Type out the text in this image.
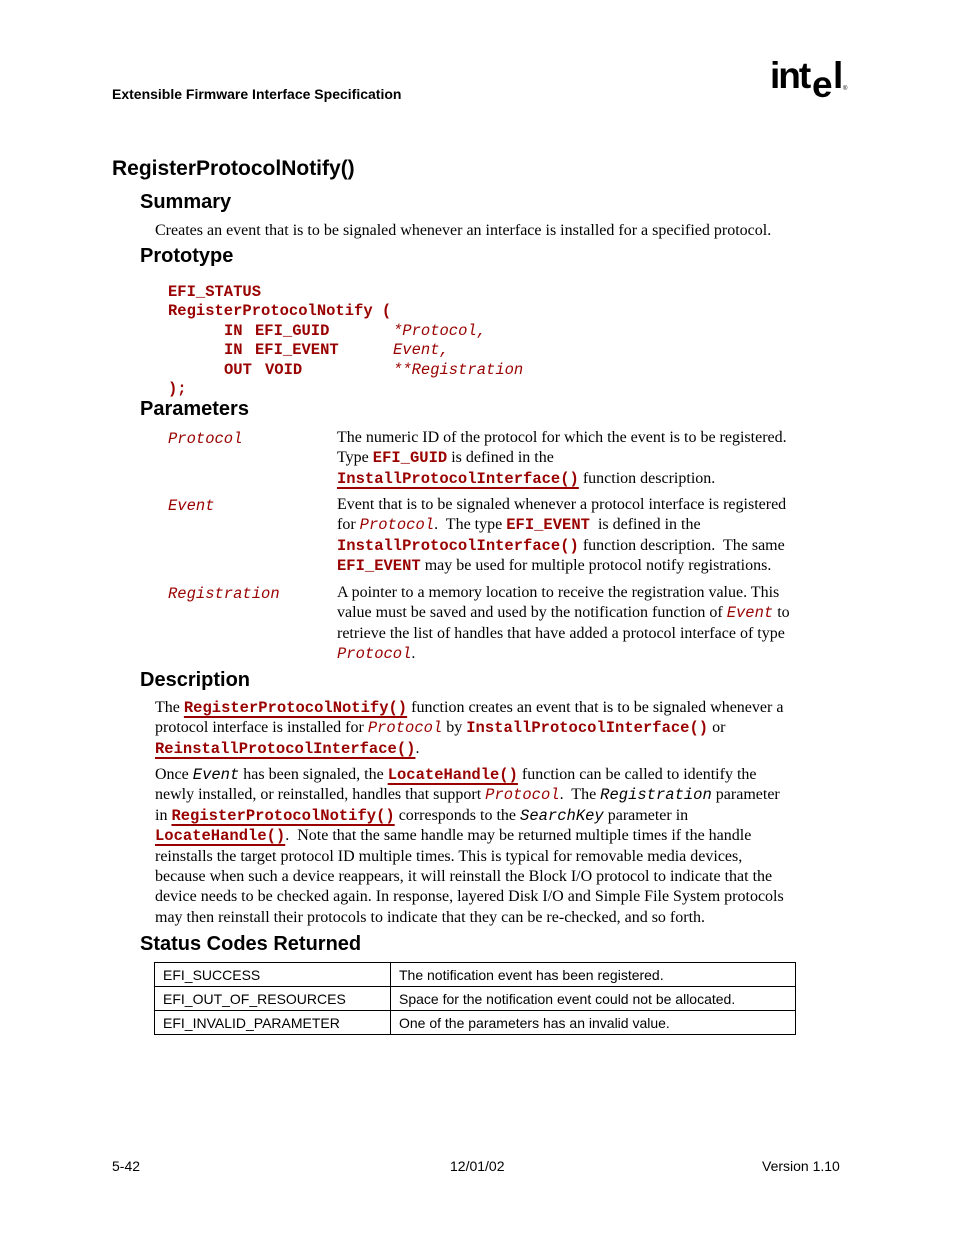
Extensible Firmware Interface Specification	int e l ®
RegisterProtocolNotify()
Summary
Creates an event that is to be signaled whenever an interface is installed for a specified protocol.
Prototype
EFI_STATUS
RegisterProtocolNotify (
IN EFI_GUID	*Protocol,
IN EFI_EVENT	Event,
OUT VOID	**Registration
);
Parameters
Protocol	The numeric ID of the protocol for which the event is to be registered.
Type EFI_GUID is defined in the
InstallProtocolInterface() function description.
Event	Event that is to be signaled whenever a protocol interface is registered
for Protocol.  The type EFI_EVENT  is defined in the
InstallProtocolInterface() function description.  The same
EFI_EVENT may be used for multiple protocol notify registrations.
Registration	A pointer to a memory location to receive the registration value. This
value must be saved and used by the notification function of Event to
retrieve the list of handles that have added a protocol interface of type
Protocol.
Description
The RegisterProtocolNotify() function creates an event that is to be signaled whenever a
protocol interface is installed for Protocol by InstallProtocolInterface() or
ReinstallProtocolInterface().
Once Event has been signaled, the LocateHandle() function can be called to identify the
newly installed, or reinstalled, handles that support Protocol.  The Registration parameter
in RegisterProtocolNotify() corresponds to the SearchKey parameter in
LocateHandle().  Note that the same handle may be returned multiple times if the handle
reinstalls the target protocol ID multiple times. This is typical for removable media devices,
because when such a device reappears, it will reinstall the Block I/O protocol to indicate that the
device needs to be checked again. In response, layered Disk I/O and Simple File System protocols
may then reinstall their protocols to indicate that they can be re-checked, and so forth.
Status Codes Returned
EFI_SUCCESS	The notification event has been registered.
EFI_OUT_OF_RESOURCES	Space for the notification event could not be allocated.
EFI_INVALID_PARAMETER	One of the parameters has an invalid value.
5-42	12/01/02	Version 1.10
